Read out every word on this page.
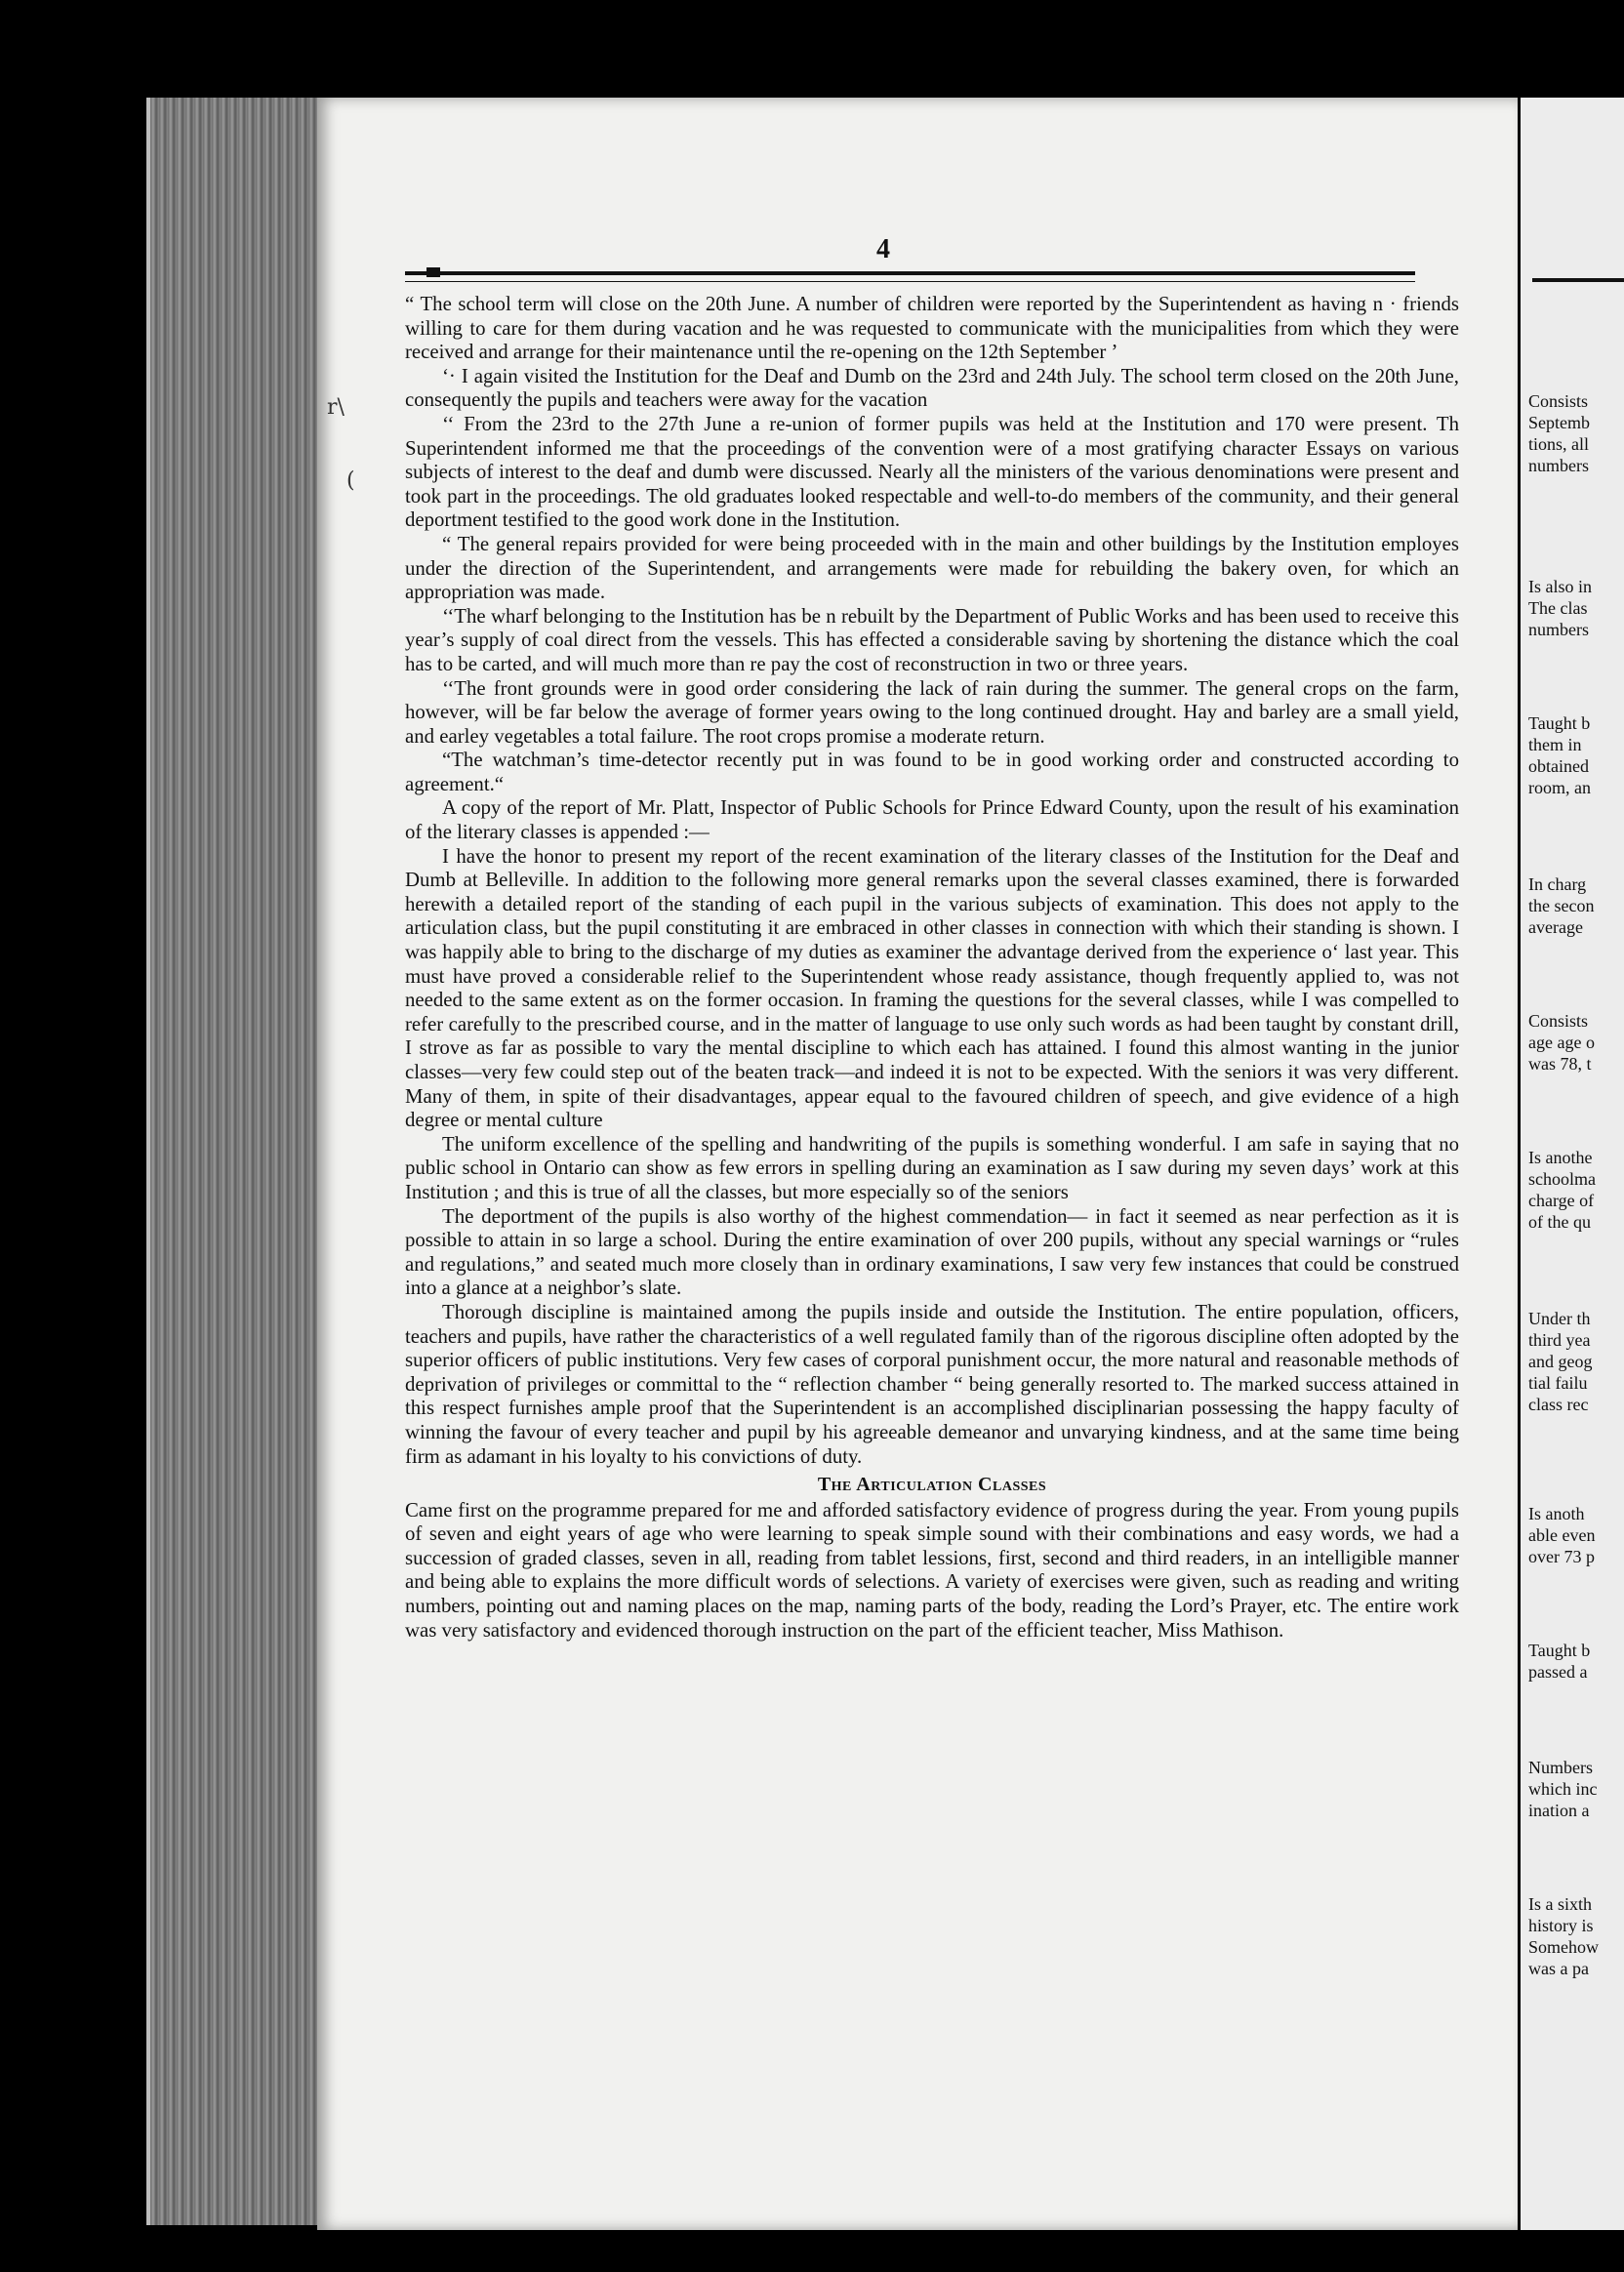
4

“ The school term will close on the 20th June. A number of children were reported by the Superintendent as having n · friends willing to care for them during vacation and he was requested to communicate with the municipalities from which they were received and arrange for their maintenance until the re-opening on the 12th September ’

‘· I again visited the Institution for the Deaf and Dumb on the 23rd and 24th July. The school term closed on the 20th June, consequently the pupils and teachers were away for the vacation

‘‘ From the 23rd to the 27th June a re-union of former pupils was held at the Institution and 170 were present. Th Superintendent informed me that the proceedings of the convention were of a most gratifying character Essays on various subjects of interest to the deaf and dumb were discussed. Nearly all the ministers of the various denominations were present and took part in the proceedings. The old graduates looked respectable and well-to-do members of the community, and their general deportment testified to the good work done in the Institution.

“ The general repairs provided for were being proceeded with in the main and other buildings by the Institution employes under the direction of the Superintendent, and arrangements were made for rebuilding the bakery oven, for which an appropriation was made.

‘‘The wharf belonging to the Institution has be n rebuilt by the Department of Public Works and has been used to receive this year’s supply of coal direct from the vessels. This has effected a considerable saving by shortening the distance which the coal has to be carted, and will much more than re pay the cost of reconstruction in two or three years.

‘‘The front grounds were in good order considering the lack of rain during the summer. The general crops on the farm, however, will be far below the average of former years owing to the long continued drought. Hay and barley are a small yield, and earley vegetables a total failure. The root crops promise a moderate return.

“The watchman’s time-detector recently put in was found to be in good working order and constructed according to agreement.“

A copy of the report of Mr. Platt, Inspector of Public Schools for Prince Edward County, upon the result of his examination of the literary classes is appended :—

I have the honor to present my report of the recent examination of the literary classes of the Institution for the Deaf and Dumb at Belleville. In addition to the following more general remarks upon the several classes examined, there is forwarded herewith a detailed report of the standing of each pupil in the various subjects of examination. This does not apply to the articulation class, but the pupil constituting it are embraced in other classes in connection with which their standing is shown. I was happily able to bring to the discharge of my duties as examiner the advantage derived from the experience o‘ last year. This must have proved a considerable relief to the Superintendent whose ready assistance, though frequently applied to, was not needed to the same extent as on the former occasion. In framing the questions for the several classes, while I was compelled to refer carefully to the prescribed course, and in the matter of language to use only such words as had been taught by constant drill, I strove as far as possible to vary the mental discipline to which each has attained. I found this almost wanting in the junior classes—very few could step out of the beaten track—and indeed it is not to be expected. With the seniors it was very different. Many of them, in spite of their disadvantages, appear equal to the favoured children of speech, and give evidence of a high degree or mental culture

The uniform excellence of the spelling and handwriting of the pupils is something wonderful. I am safe in saying that no public school in Ontario can show as few errors in spelling during an examination as I saw during my seven days’ work at this Institution ; and this is true of all the classes, but more especially so of the seniors

The deportment of the pupils is also worthy of the highest commendation— in fact it seemed as near perfection as it is possible to attain in so large a school. During the entire examination of over 200 pupils, without any special warnings or “rules and regulations,” and seated much more closely than in ordinary examinations, I saw very few instances that could be construed into a glance at a neighbor’s slate.

Thorough discipline is maintained among the pupils inside and outside the Institution. The entire population, officers, teachers and pupils, have rather the characteristics of a well regulated family than of the rigorous discipline often adopted by the superior officers of public institutions. Very few cases of corporal punishment occur, the more natural and reasonable methods of deprivation of privileges or committal to the “ reflection chamber “ being generally resorted to. The marked success attained in this respect furnishes ample proof that the Superintendent is an accomplished disciplinarian possessing the happy faculty of winning the favour of every teacher and pupil by his agreeable demeanor and unvarying kindness, and at the same time being firm as adamant in his loyalty to his convictions of duty.

The Articulation Classes

Came first on the programme prepared for me and afforded satisfactory evidence of progress during the year. From young pupils of seven and eight years of age who were learning to speak simple sound with their combinations and easy words, we had a succession of graded classes, seven in all, reading from tablet lessions, first, second and third readers, in an intelligible manner and being able to explains the more difficult words of selections. A variety of exercises were given, such as reading and writing numbers, pointing out and naming places on the map, naming parts of the body, reading the Lord’s Prayer, etc. The entire work was very satisfactory and evidenced thorough instruction on the part of the efficient teacher, Miss Mathison.

r\
(
Consists
Septemb
tions, all
numbers
Is also in
The clas
numbers
Taught b
them in
obtained
room, an
In charg
the secon
average
Consists
age age o
was 78, t
Is anothe
schoolma
charge of
of the qu
Under th
third yea
and geog
tial failu
class rec
Is anoth
able even
over 73 p
Taught b
passed a
Numbers
which inc
ination a
Is a sixth
history is
Somehow
was a pa
